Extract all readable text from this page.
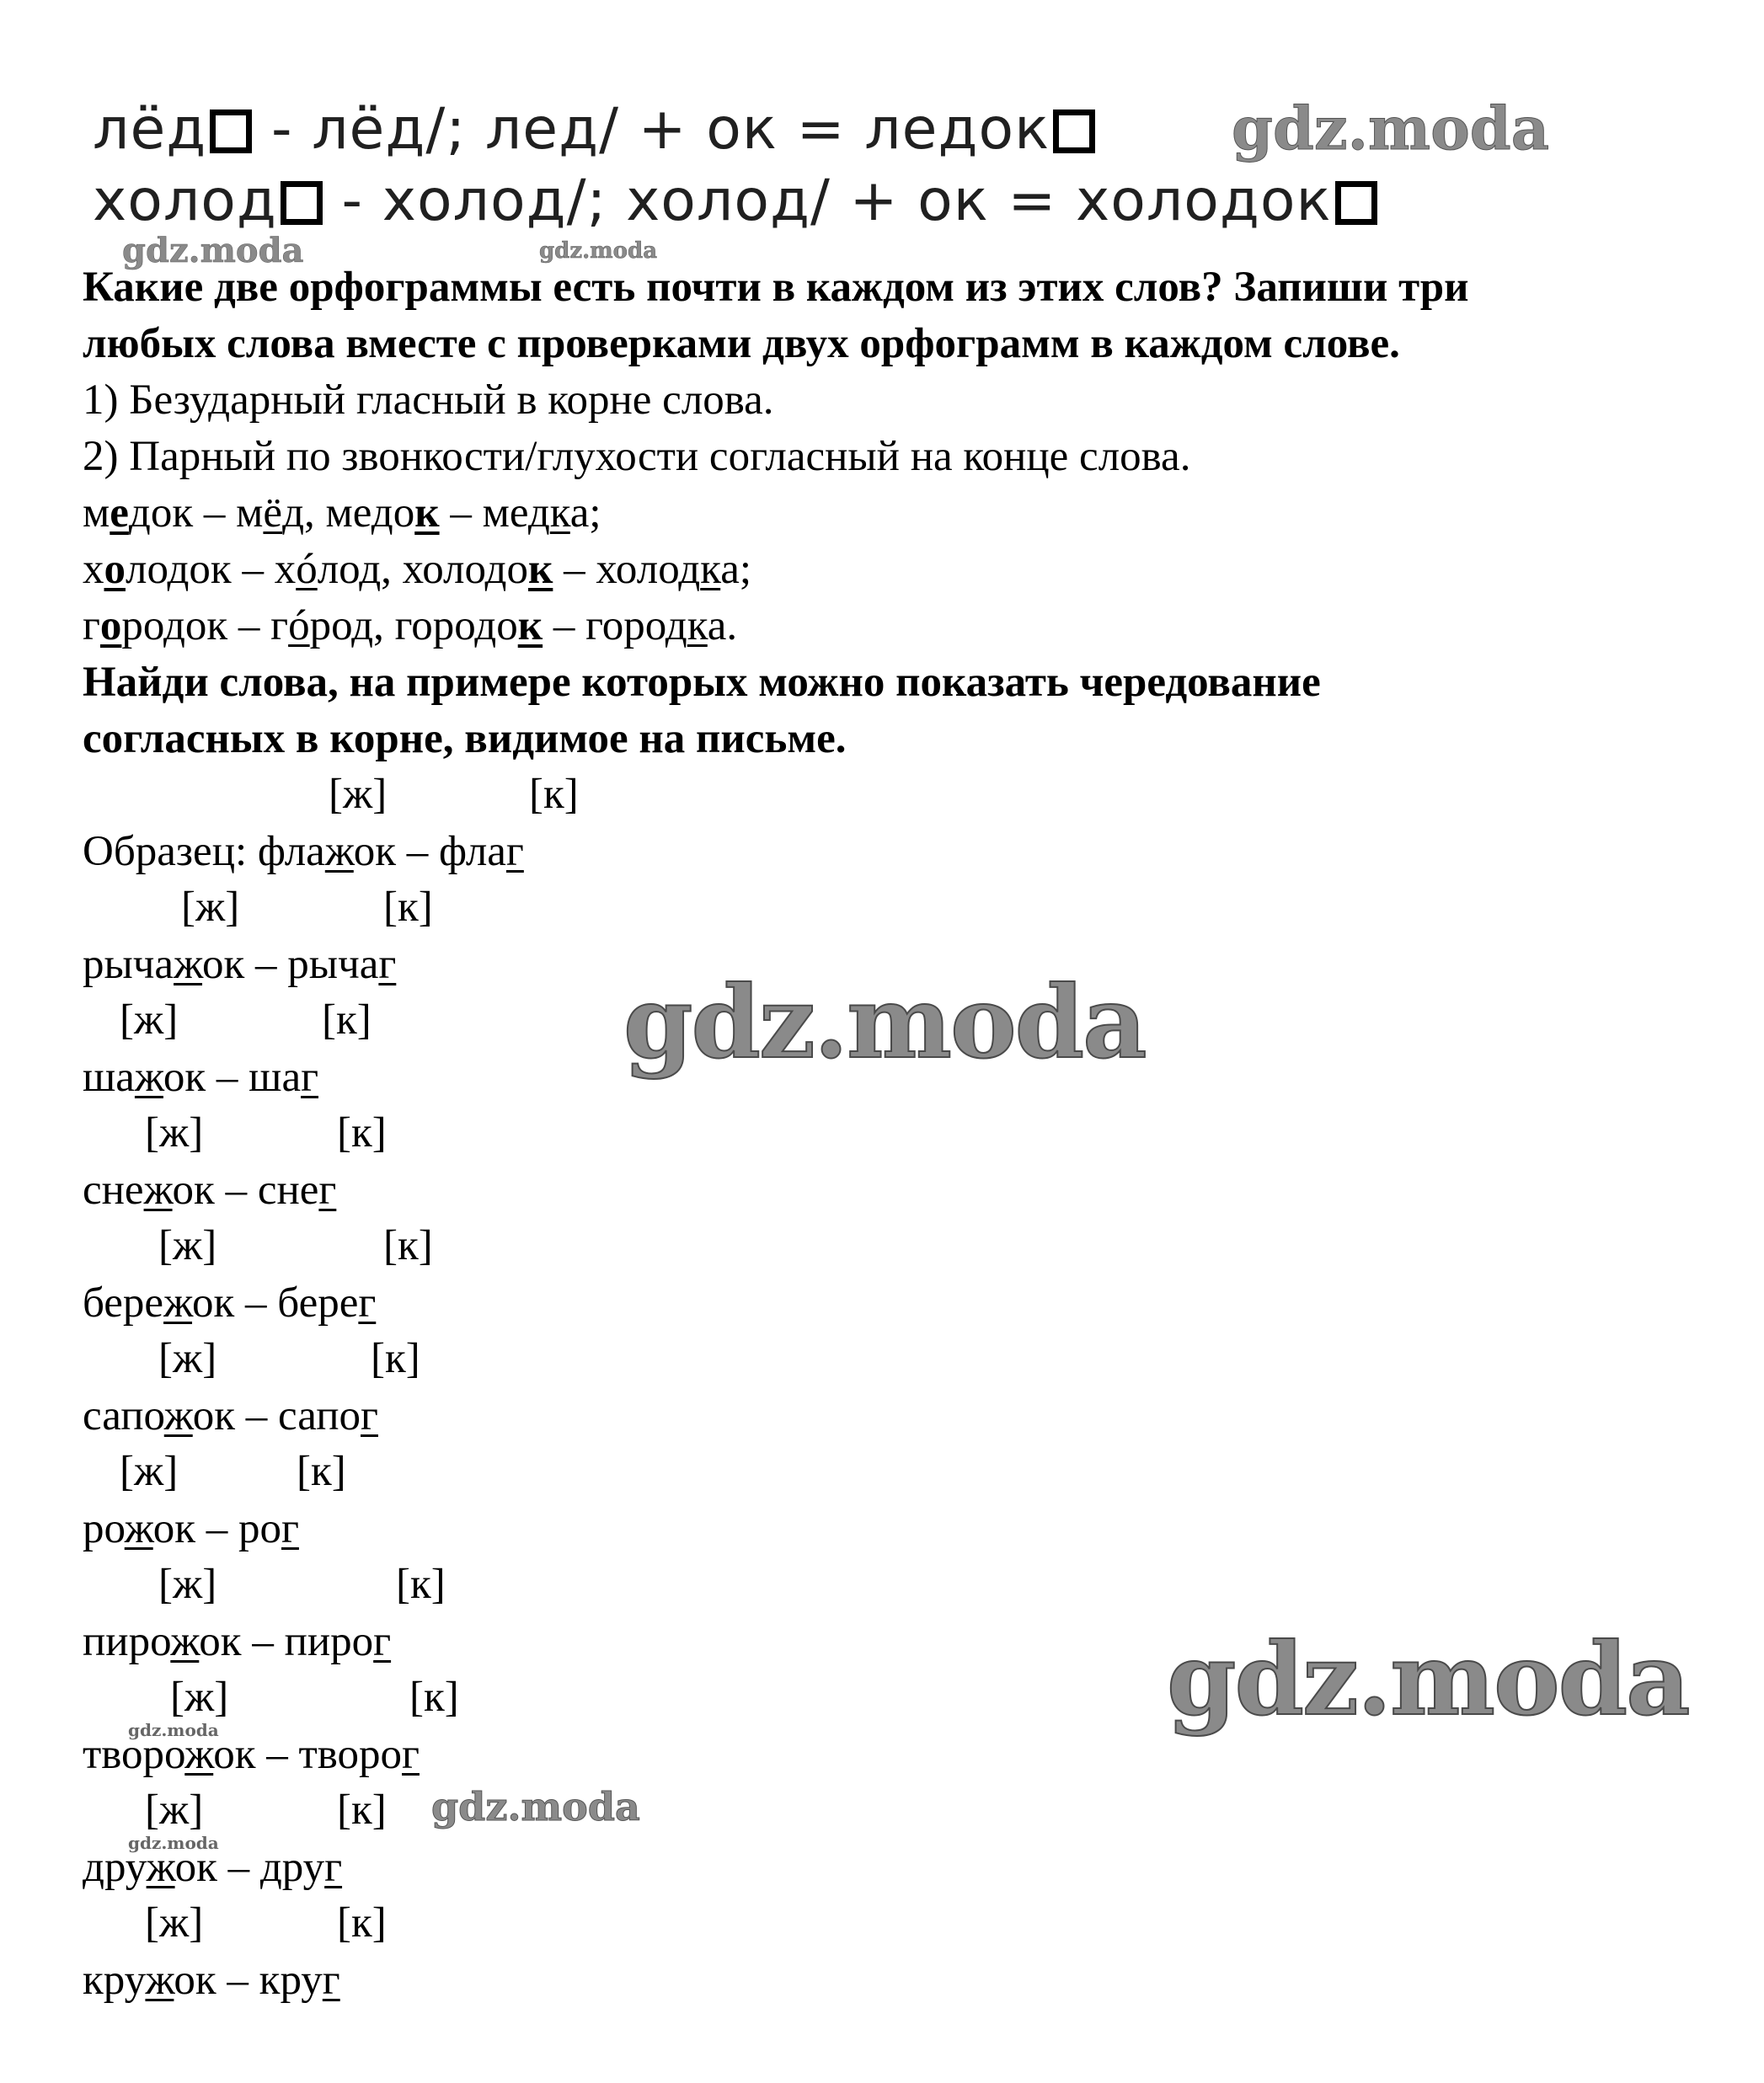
лёд - лёд/; лед/ + ок = ледок
холод - холод/; холод/ + ок = холодок
Какие две орфограммы есть почти в каждом из этих слов? Запиши три
любых слова вместе с проверками двух орфограмм в каждом слове.
1) Безударный гласный в корне слова.
2) Парный по звонкости/глухости согласный на конце слова.
медок – мёд, медок – медка;
холодок – хóлод, холодок – холодка;
городок – гóрод, городок – городка.
Найди слова, на примере которых можно показать чередование
согласных в корне, видимое на письме.
[ж]	[к]
Образец: флажок – флаг
[ж]	[к]
рычажок – рычаг
[ж]	[к]
шажок – шаг
[ж]	[к]
снежок – снег
[ж]	[к]
бережок – берег
[ж]	[к]
сапожок – сапог
[ж]	[к]
рожок – рог
[ж]	[к]
пирожок – пирог
[ж]	[к]
творожок – творог
[ж]	[к]
дружок – друг
[ж]	[к]
кружок – круг
gdz.moda
gdz.moda	gdz.moda
gdz.moda
gdz.moda
gdz.moda
gdz.moda
gdz.moda
